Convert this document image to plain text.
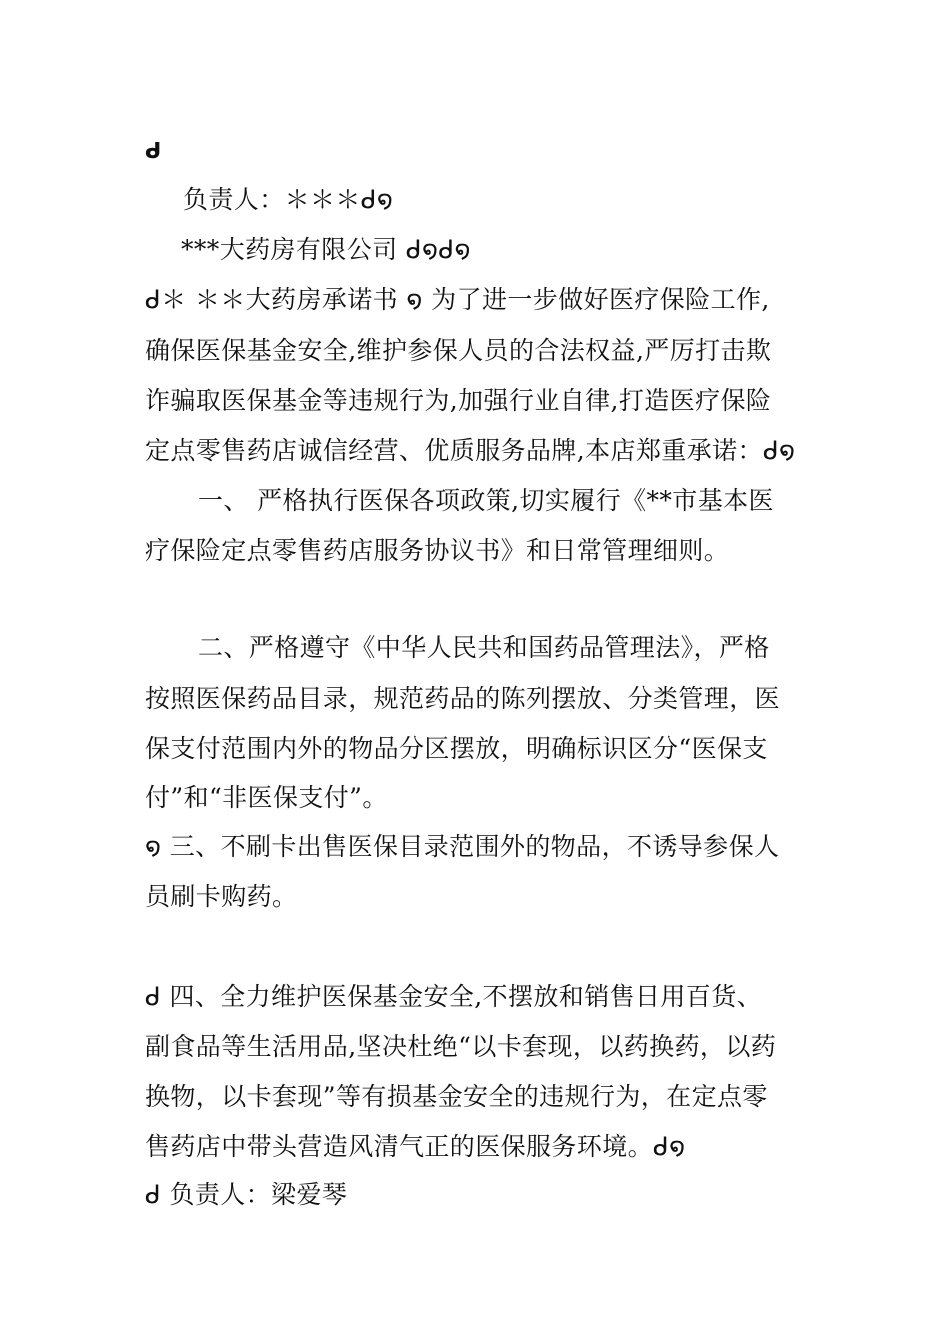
ᑯ
负责人：＊＊＊ᑯ໑
***大药房有限公司 ᑯ໑ᑯ໑
ᑯ＊ ＊＊大药房承诺书 ໑ 为了进一步做好医疗保险工作,
确保医保基金安全,维护参保人员的合法权益,严厉打击欺
诈骗取医保基金等违规行为,加强行业自律,打造医疗保险
定点零售药店诚信经营、优质服务品牌,本店郑重承诺：ᑯ໑
一、 严格执行医保各项政策,切实履行《**市基本医
疗保险定点零售药店服务协议书》和日常管理细则。
二、严格遵守《中华人民共和国药品管理法》，严格
按照医保药品目录，规范药品的陈列摆放、分类管理，医
保支付范围内外的物品分区摆放，明确标识区分“医保支
付”和“非医保支付”。
໑ 三、不刷卡出售医保目录范围外的物品，不诱导参保人
员刷卡购药。
ᑯ 四、全力维护医保基金安全,不摆放和销售日用百货、
副食品等生活用品,坚决杜绝“以卡套现，以药换药，以药
换物，以卡套现”等有损基金安全的违规行为，在定点零
售药店中带头营造风清气正的医保服务环境。ᑯ໑
ᑯ 负责人：梁爱琴
